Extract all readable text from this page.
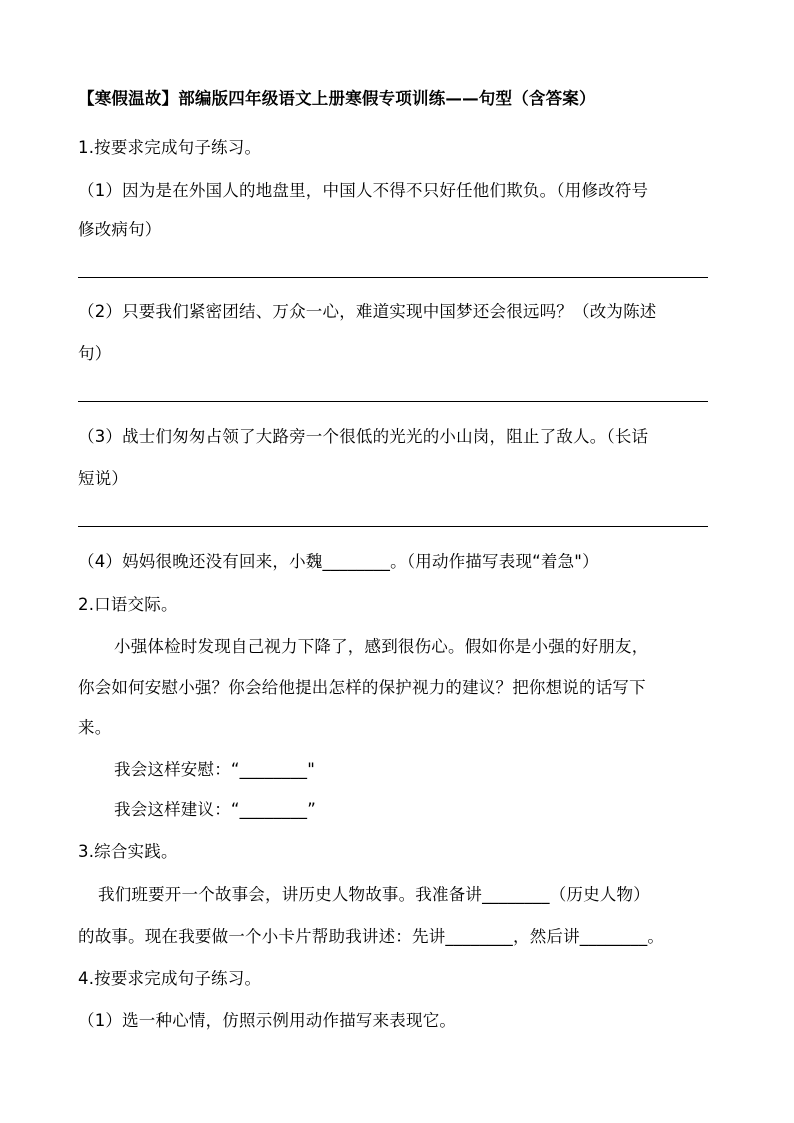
【寒假温故】部编版四年级语文上册寒假专项训练——句型（含答案）
1.按要求完成句子练习。
（1）因为是在外国人的地盘里，中国人不得不只好任他们欺负。（用修改符号
修改病句）
（2）只要我们紧密团结、万众一心，难道实现中国梦还会很远吗？（改为陈述
句）
（3）战士们匆匆占领了大路旁一个很低的光光的小山岗，阻止了敌人。（长话
短说）
（4）妈妈很晚还没有回来，小魏________。（用动作描写表现“着急"）
2.口语交际。
小强体检时发现自己视力下降了，感到很伤心。假如你是小强的好朋友，
你会如何安慰小强？你会给他提出怎样的保护视力的建议？把你想说的话写下
来。
我会这样安慰：“________"
我会这样建议：“________”
3.综合实践。
我们班要开一个故事会，讲历史人物故事。我准备讲________（历史人物）
的故事。现在我要做一个小卡片帮助我讲述：先讲________，然后讲________。
4.按要求完成句子练习。
（1）选一种心情，仿照示例用动作描写来表现它。
